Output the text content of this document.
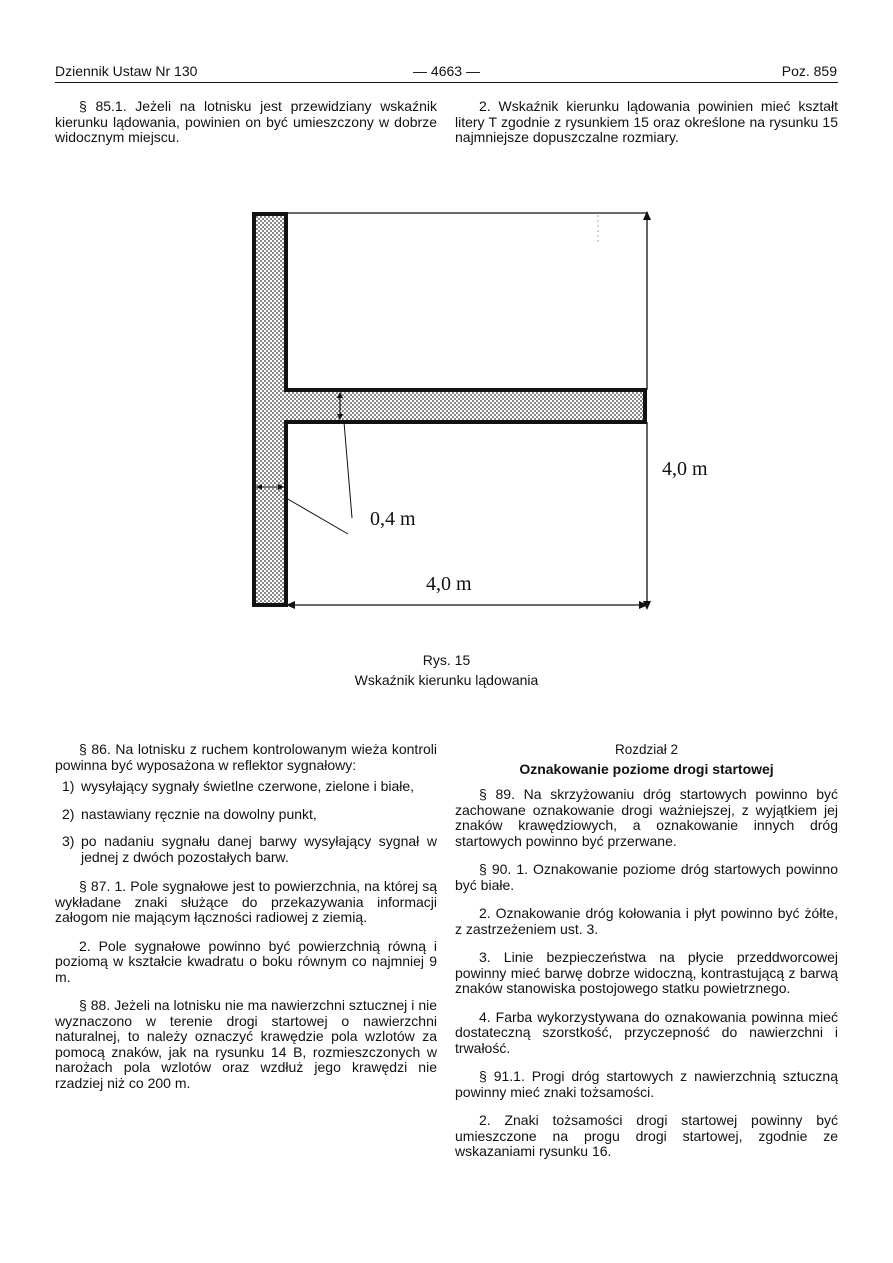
Dziennik Ustaw Nr 130	— 4663 —	Poz. 859

§ 85.1. Jeżeli na lotnisku jest przewidziany wskaźnik kierunku lądowania, powinien on być umieszczony w dobrze widocznym miejscu.

2. Wskaźnik kierunku lądowania powinien mieć kształt litery T zgodnie z rysunkiem 15 oraz określone na rysunku 15 najmniejsze dopuszczalne rozmiary.

4,0 m
0,4 m
4,0 m
Rys. 15
Wskaźnik kierunku lądowania

§ 86. Na lotnisku z ruchem kontrolowanym wieża kontroli powinna być wyposażona w reflektor sygnałowy:

1) wysyłający sygnały świetlne czerwone, zielone i białe,
2) nastawiany ręcznie na dowolny punkt,
3) po nadaniu sygnału danej barwy wysyłający sygnał w jednej z dwóch pozostałych barw.

§ 87. 1. Pole sygnałowe jest to powierzchnia, na której są wykładane znaki służące do przekazywania informacji załogom nie mającym łączności radiowej z ziemią.

2. Pole sygnałowe powinno być powierzchnią równą i poziomą w kształcie kwadratu o boku równym co najmniej 9 m.

§ 88. Jeżeli na lotnisku nie ma nawierzchni sztucznej i nie wyznaczono w terenie drogi startowej o nawierzchni naturalnej, to należy oznaczyć krawędzie pola wzlotów za pomocą znaków, jak na rysunku 14 B, rozmieszczonych w narożach pola wzlotów oraz wzdłuż jego krawędzi nie rzadziej niż co 200 m.

Rozdział 2

Oznakowanie poziome drogi startowej

§ 89. Na skrzyżowaniu dróg startowych powinno być zachowane oznakowanie drogi ważniejszej, z wyjątkiem jej znaków krawędziowych, a oznakowanie innych dróg startowych powinno być przerwane.

§ 90. 1. Oznakowanie poziome dróg startowych powinno być białe.

2. Oznakowanie dróg kołowania i płyt powinno być żółte, z zastrzeżeniem ust. 3.

3. Linie bezpieczeństwa na płycie przeddworcowej powinny mieć barwę dobrze widoczną, kontrastującą z barwą znaków stanowiska postojowego statku powietrznego.

4. Farba wykorzystywana do oznakowania powinna mieć dostateczną szorstkość, przyczepność do nawierzchni i trwałość.

§ 91.1. Progi dróg startowych z nawierzchnią sztuczną powinny mieć znaki tożsamości.

2. Znaki tożsamości drogi startowej powinny być umieszczone na progu drogi startowej, zgodnie ze wskazaniami rysunku 16.
